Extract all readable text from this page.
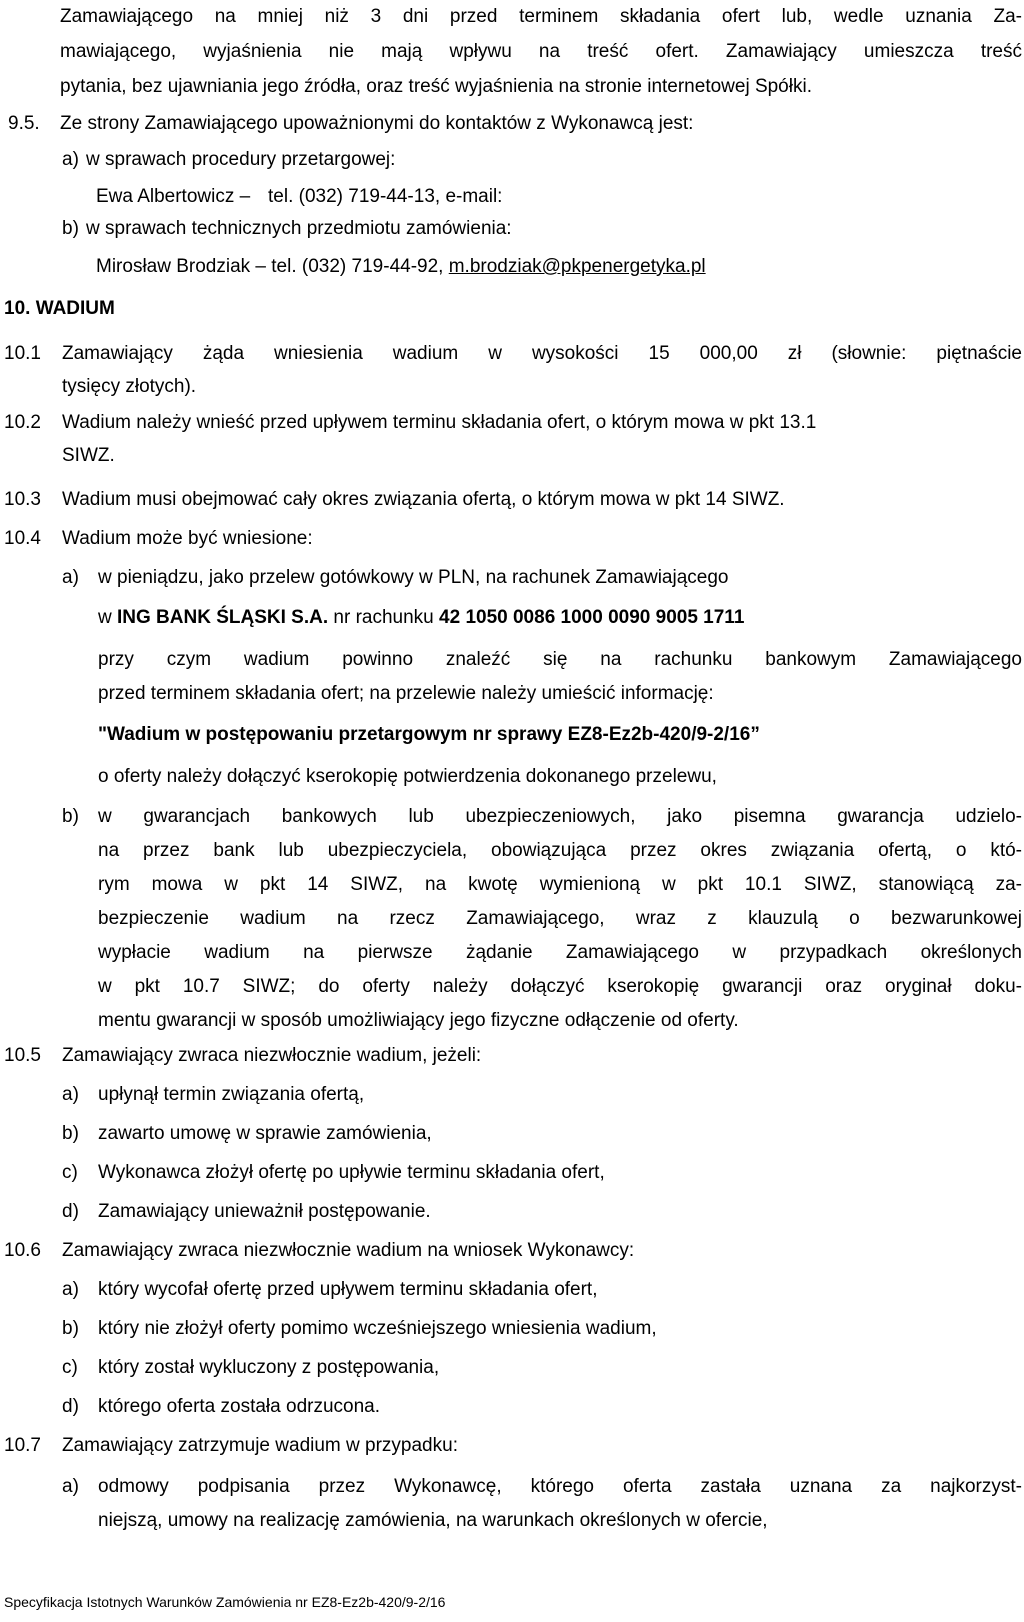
Zamawiającego na mniej niż 3 dni przed terminem składania ofert lub, wedle uznania Za-
mawiającego, wyjaśnienia nie mają wpływu na treść ofert. Zamawiający umieszcza treść
pytania, bez ujawniania jego źródła, oraz treść wyjaśnienia na stronie internetowej Spółki.
9.5. Ze strony Zamawiającego upoważnionymi do kontaktów z Wykonawcą jest:
a) w sprawach procedury przetargowej:
Ewa Albertowicz – tel. (032) 719-44-13, e-mail:
b) w sprawach technicznych przedmiotu zamówienia:
Mirosław Brodziak – tel. (032) 719-44-92, m.brodziak@pkpenergetyka.pl
10. WADIUM
10.1 Zamawiający żąda wniesienia wadium w wysokości 15 000,00 zł (słownie: piętnaście
tysięcy złotych).
10.2 Wadium należy wnieść przed upływem terminu składania ofert, o którym mowa w pkt 13.1
SIWZ.
10.3 Wadium musi obejmować cały okres związania ofertą, o którym mowa w pkt 14 SIWZ.
10.4 Wadium może być wniesione:
a) w pieniądzu, jako przelew gotówkowy w PLN, na rachunek Zamawiającego
w ING BANK ŚLĄSKI S.A. nr rachunku 42 1050 0086 1000 0090 9005 1711
przy czym wadium powinno znaleźć się na rachunku bankowym Zamawiającego
przed terminem składania ofert; na przelewie należy umieścić informację:
"Wadium w postępowaniu przetargowym nr sprawy EZ8-Ez2b-420/9-2/16”
o oferty należy dołączyć kserokopię potwierdzenia dokonanego przelewu,
b) w gwarancjach bankowych lub ubezpieczeniowych, jako pisemna gwarancja udzielo-
na przez bank lub ubezpieczyciela, obowiązująca przez okres związania ofertą, o któ-
rym mowa w pkt 14 SIWZ, na kwotę wymienioną w pkt 10.1 SIWZ, stanowiącą za-
bezpieczenie wadium na rzecz Zamawiającego, wraz z klauzulą o bezwarunkowej
wypłacie wadium na pierwsze żądanie Zamawiającego w przypadkach określonych
w pkt 10.7 SIWZ; do oferty należy dołączyć kserokopię gwarancji oraz oryginał doku-
mentu gwarancji w sposób umożliwiający jego fizyczne odłączenie od oferty.
10.5 Zamawiający zwraca niezwłocznie wadium, jeżeli:
a) upłynął termin związania ofertą,
b) zawarto umowę w sprawie zamówienia,
c) Wykonawca złożył ofertę po upływie terminu składania ofert,
d) Zamawiający unieważnił postępowanie.
10.6 Zamawiający zwraca niezwłocznie wadium na wniosek Wykonawcy:
a) który wycofał ofertę przed upływem terminu składania ofert,
b) który nie złożył oferty pomimo wcześniejszego wniesienia wadium,
c) który został wykluczony z postępowania,
d) którego oferta została odrzucona.
10.7 Zamawiający zatrzymuje wadium w przypadku:
a) odmowy podpisania przez Wykonawcę, którego oferta zastała uznana za najkorzyst-
niejszą, umowy na realizację zamówienia, na warunkach określonych w ofercie,
Specyfikacja Istotnych Warunków Zamówienia nr EZ8-Ez2b-420/9-2/16
